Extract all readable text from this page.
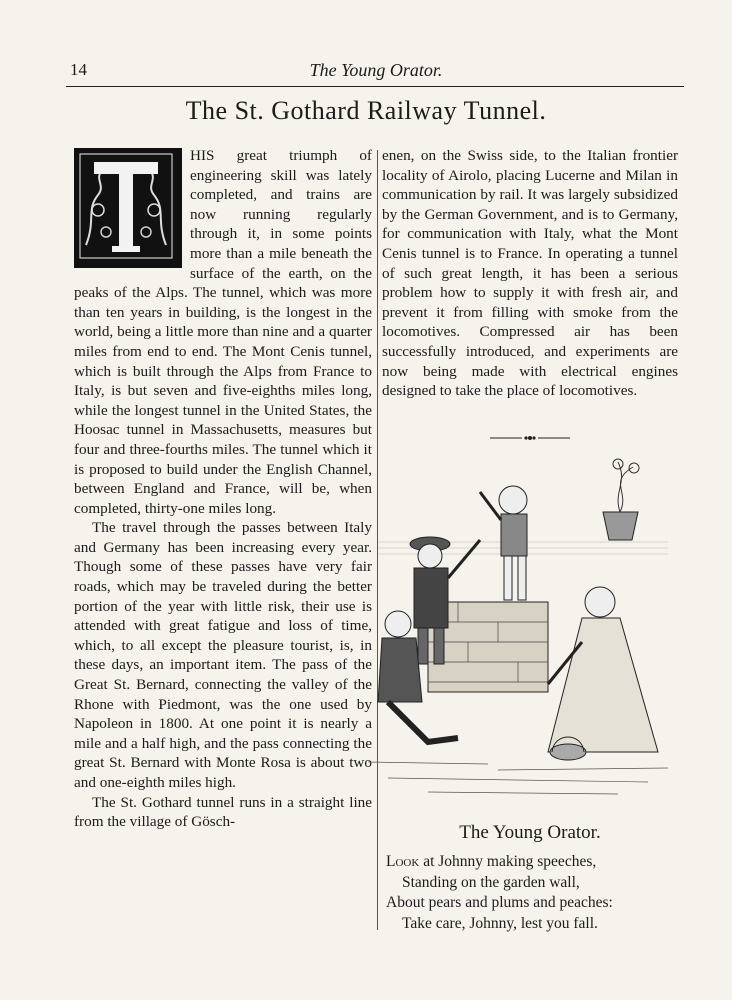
14	The Young Orator.
The St. Gothard Railway Tunnel.

HIS great triumph of engineering skill was lately completed, and trains are now running regularly through it, in some points more than a mile beneath the surface of the earth, on the peaks of the Alps. The tunnel, which was more than ten years in building, is the longest in the world, being a little more than nine and a quarter miles from end to end. The Mont Cenis tunnel, which is built through the Alps from France to Italy, is but seven and five-eighths miles long, while the longest tunnel in the United States, the Hoosac tunnel in Massachusetts, measures but four and three-fourths miles. The tunnel which it is proposed to build under the English Channel, between England and France, will be, when completed, thirty-one miles long.

The travel through the passes between Italy and Germany has been increasing every year. Though some of these passes have very fair roads, which may be traveled during the better portion of the year with little risk, their use is attended with great fatigue and loss of time, which, to all except the pleasure tourist, is, in these days, an important item. The pass of the Great St. Bernard, connecting the valley of the Rhone with Piedmont, was the one used by Napoleon in 1800. At one point it is nearly a mile and a half high, and the pass connecting the great St. Bernard with Monte Rosa is about two and one-eighth miles high.

The St. Gothard tunnel runs in a straight line from the village of Gösch-

enen, on the Swiss side, to the Italian frontier locality of Airolo, placing Lucerne and Milan in communication by rail. It was largely subsidized by the German Government, and is to Germany, for communication with Italy, what the Mont Cenis tunnel is to France. In operating a tunnel of such great length, it has been a serious problem how to supply it with fresh air, and prevent it from filling with smoke from the locomotives. Compressed air has been successfully introduced, and experiments are now being made with electrical engines designed to take the place of locomotives.

The Young Orator.
Look at Johnny making speeches,
Standing on the garden wall,
About pears and plums and peaches:
Take care, Johnny, lest you fall.
